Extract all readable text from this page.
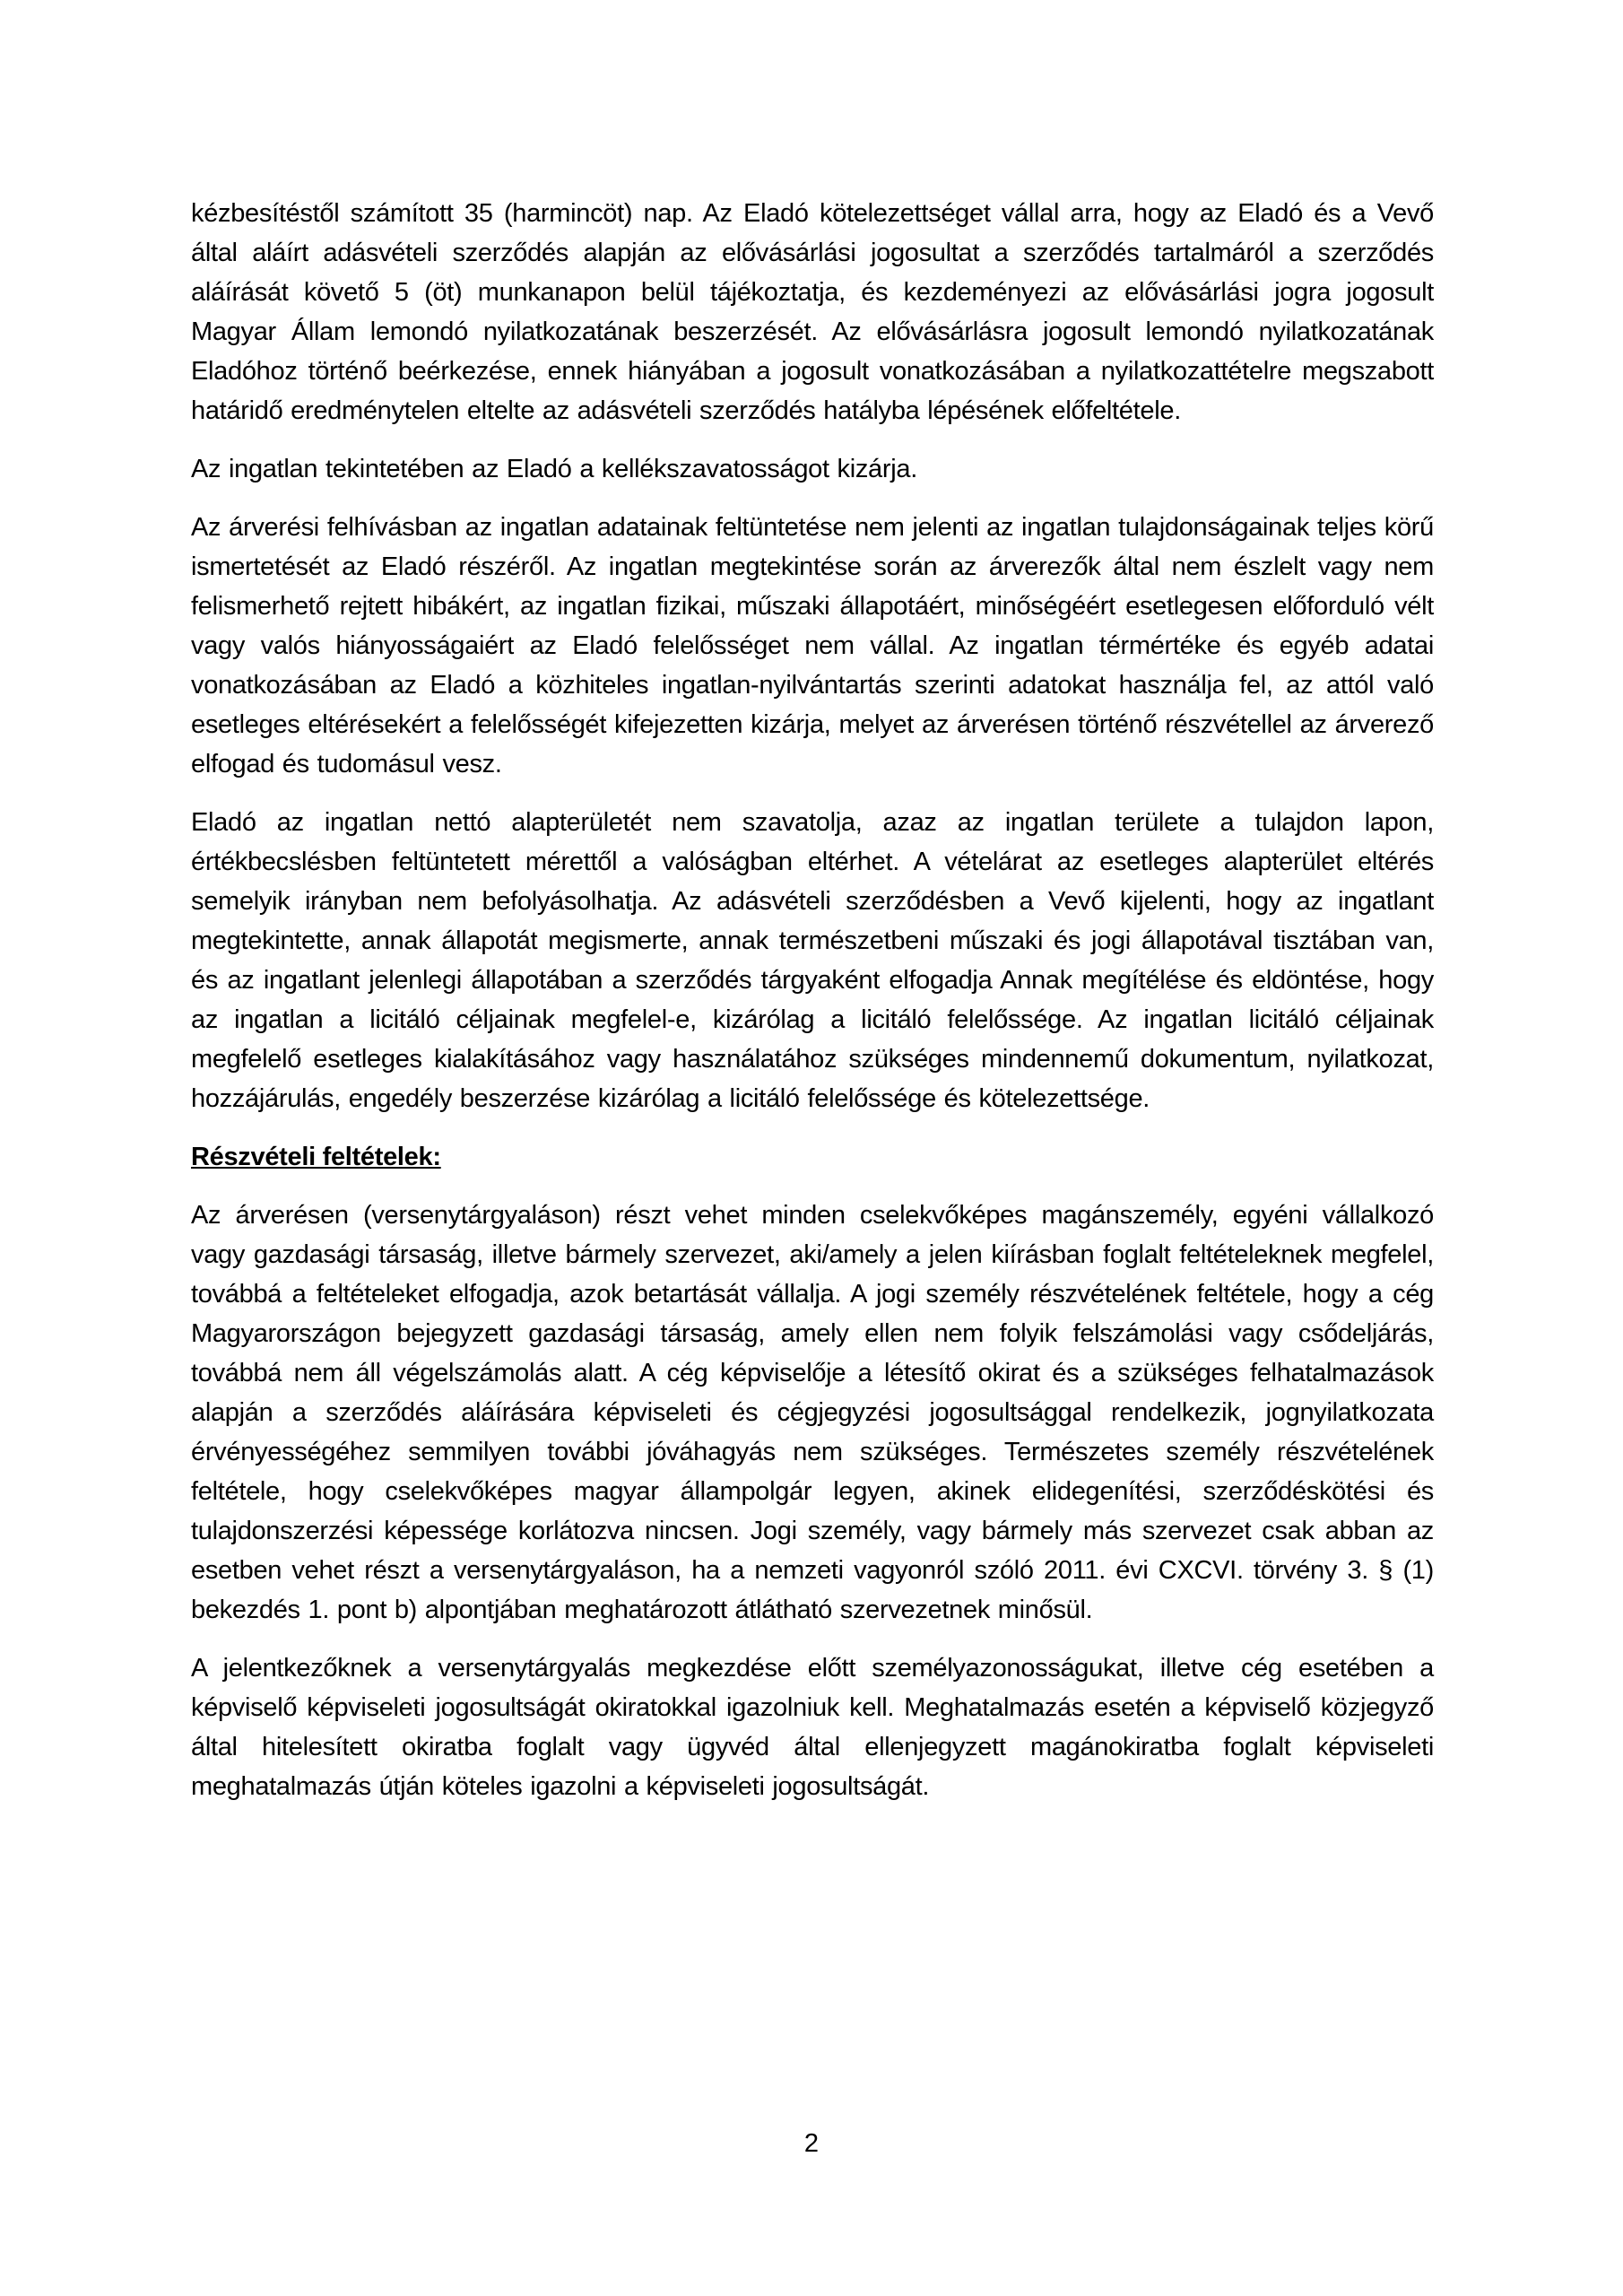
kézbesítéstől számított 35 (harmincöt) nap. Az Eladó kötelezettséget vállal arra, hogy az Eladó és a Vevő által aláírt adásvételi szerződés alapján az elővásárlási jogosultat a szerződés tartalmáról a szerződés aláírását követő 5 (öt) munkanapon belül tájékoztatja, és kezdeményezi az elővásárlási jogra jogosult Magyar Állam lemondó nyilatkozatának beszerzését. Az elővásárlásra jogosult lemondó nyilatkozatának Eladóhoz történő beérkezése, ennek hiányában a jogosult vonatkozásában a nyilatkozattételre megszabott határidő eredménytelen eltelte az adásvételi szerződés hatályba lépésének előfeltétele.

Az ingatlan tekintetében az Eladó a kellékszavatosságot kizárja.

Az árverési felhívásban az ingatlan adatainak feltüntetése nem jelenti az ingatlan tulajdonságainak teljes körű ismertetését az Eladó részéről. Az ingatlan megtekintése során az árverezők által nem észlelt vagy nem felismerhető rejtett hibákért, az ingatlan fizikai, műszaki állapotáért, minőségéért esetlegesen előforduló vélt vagy valós hiányosságaiért az Eladó felelősséget nem vállal. Az ingatlan térmértéke és egyéb adatai vonatkozásában az Eladó a közhiteles ingatlan-nyilvántartás szerinti adatokat használja fel, az attól való esetleges eltérésekért a felelősségét kifejezetten kizárja, melyet az árverésen történő részvétellel az árverező elfogad és tudomásul vesz.

Eladó az ingatlan nettó alapterületét nem szavatolja, azaz az ingatlan területe a tulajdon lapon, értékbecslésben feltüntetett mérettől a valóságban eltérhet. A vételárat az esetleges alapterület eltérés semelyik irányban nem befolyásolhatja. Az adásvételi szerződésben a Vevő kijelenti, hogy az ingatlant megtekintette, annak állapotát megismerte, annak természetbeni műszaki és jogi állapotával tisztában van, és az ingatlant jelenlegi állapotában a szerződés tárgyaként elfogadja Annak megítélése és eldöntése, hogy az ingatlan a licitáló céljainak megfelel-e, kizárólag a licitáló felelőssége. Az ingatlan licitáló céljainak megfelelő esetleges kialakításához vagy használatához szükséges mindennemű dokumentum, nyilatkozat, hozzájárulás, engedély beszerzése kizárólag a licitáló felelőssége és kötelezettsége.

Részvételi feltételek:

Az árverésen (versenytárgyaláson) részt vehet minden cselekvőképes magánszemély, egyéni vállalkozó vagy gazdasági társaság, illetve bármely szervezet, aki/amely a jelen kiírásban foglalt feltételeknek megfelel, továbbá a feltételeket elfogadja, azok betartását vállalja. A jogi személy részvételének feltétele, hogy a cég Magyarországon bejegyzett gazdasági társaság, amely ellen nem folyik felszámolási vagy csődeljárás, továbbá nem áll végelszámolás alatt. A cég képviselője a létesítő okirat és a szükséges felhatalmazások alapján a szerződés aláírására képviseleti és cégjegyzési jogosultsággal rendelkezik, jognyilatkozata érvényességéhez semmilyen további jóváhagyás nem szükséges. Természetes személy részvételének feltétele, hogy cselekvőképes magyar állampolgár legyen, akinek elidegenítési, szerződéskötési és tulajdonszerzési képessége korlátozva nincsen. Jogi személy, vagy bármely más szervezet csak abban az esetben vehet részt a versenytárgyaláson, ha a nemzeti vagyonról szóló 2011. évi CXCVI. törvény 3. § (1) bekezdés 1. pont b) alpontjában meghatározott átlátható szervezetnek minősül.

A jelentkezőknek a versenytárgyalás megkezdése előtt személyazonosságukat, illetve cég esetében a képviselő képviseleti jogosultságát okiratokkal igazolniuk kell. Meghatalmazás esetén a képviselő közjegyző által hitelesített okiratba foglalt vagy ügyvéd által ellenjegyzett magánokiratba foglalt képviseleti meghatalmazás útján köteles igazolni a képviseleti jogosultságát.

2
